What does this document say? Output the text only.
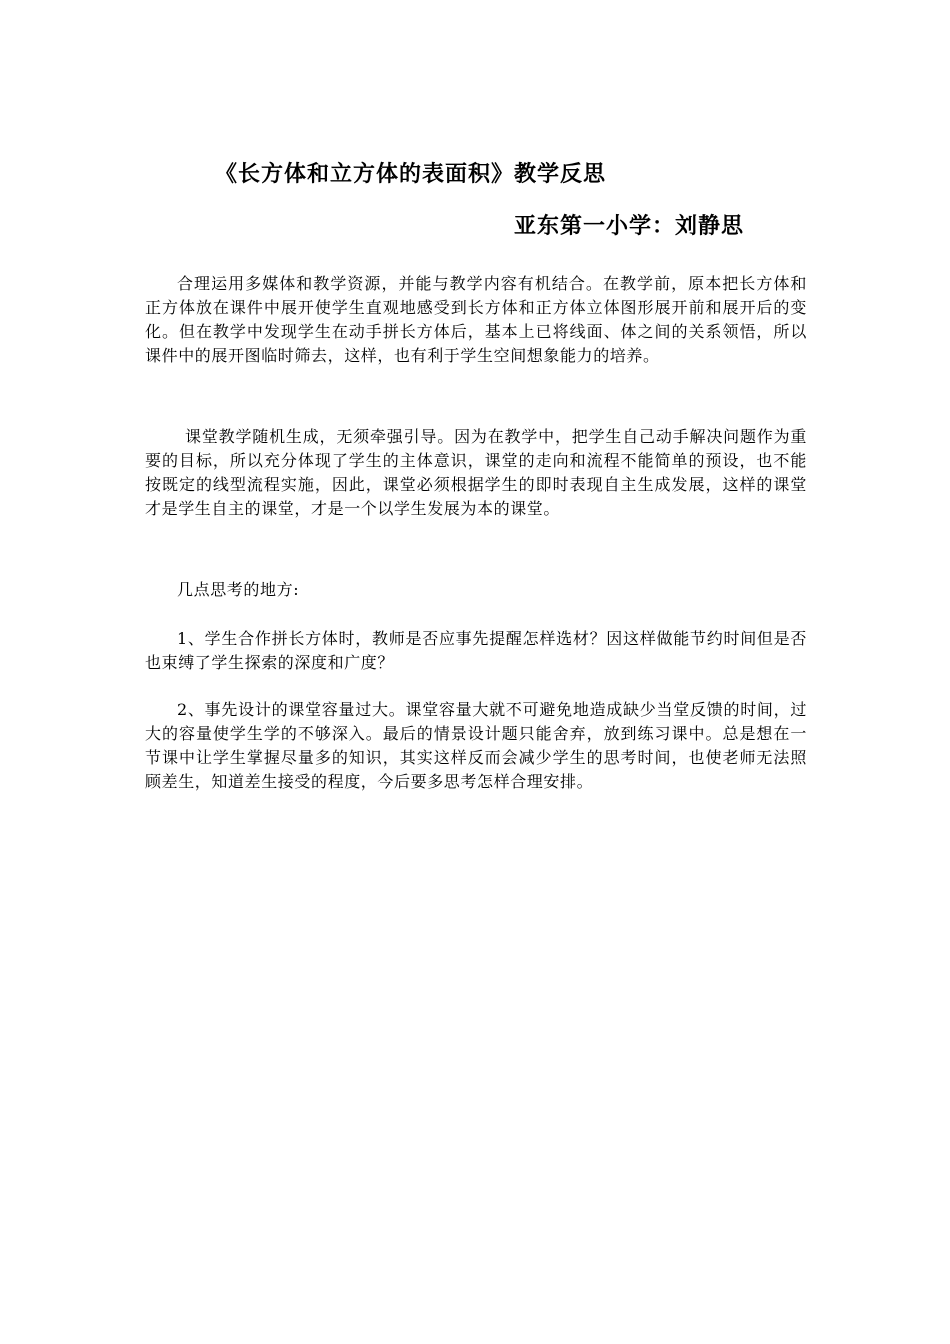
《长方体和立方体的表面积》教学反思
亚东第一小学：刘静思

合理运用多媒体和教学资源，并能与教学内容有机结合。在教学前，原本把长方体和正方体放在课件中展开使学生直观地感受到长方体和正方体立体图形展开前和展开后的变化。但在教学中发现学生在动手拼长方体后，基本上已将线面、体之间的关系领悟，所以课件中的展开图临时筛去，这样，也有利于学生空间想象能力的培养。

课堂教学随机生成，无须牵强引导。因为在教学中，把学生自己动手解决问题作为重要的目标，所以充分体现了学生的主体意识，课堂的走向和流程不能简单的预设，也不能按既定的线型流程实施，因此，课堂必须根据学生的即时表现自主生成发展，这样的课堂才是学生自主的课堂，才是一个以学生发展为本的课堂。

几点思考的地方:

1、学生合作拼长方体时，教师是否应事先提醒怎样选材？因这样做能节约时间但是否也束缚了学生探索的深度和广度？

2、事先设计的课堂容量过大。课堂容量大就不可避免地造成缺少当堂反馈的时间，过大的容量使学生学的不够深入。最后的情景设计题只能舍弃，放到练习课中。总是想在一节课中让学生掌握尽量多的知识，其实这样反而会减少学生的思考时间，也使老师无法照顾差生，知道差生接受的程度，今后要多思考怎样合理安排。
